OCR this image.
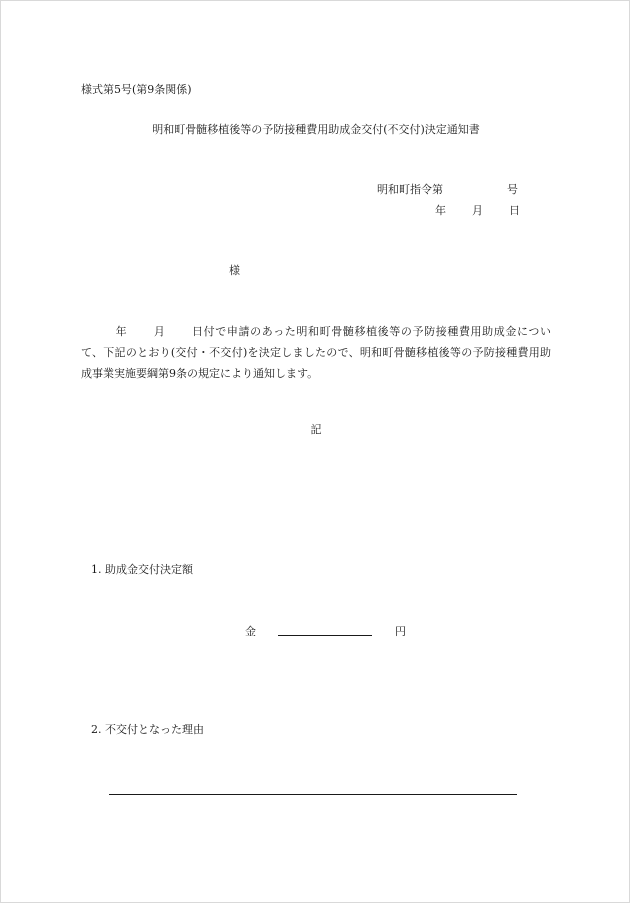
様式第5号(第9条関係)
明和町骨髄移植後等の予防接種費用助成金交付(不交付)決定通知書
明和町指令第	号
年 月 日
様
年 月 日付で申請のあった明和町骨髄移植後等の予防接種費用助成金について、下記のとおり(交付・不交付)を決定しましたので、明和町骨髄移植後等の予防接種費用助成事業実施要綱第9条の規定により通知します。
記
1. 助成金交付決定額
金	円
2. 不交付となった理由
